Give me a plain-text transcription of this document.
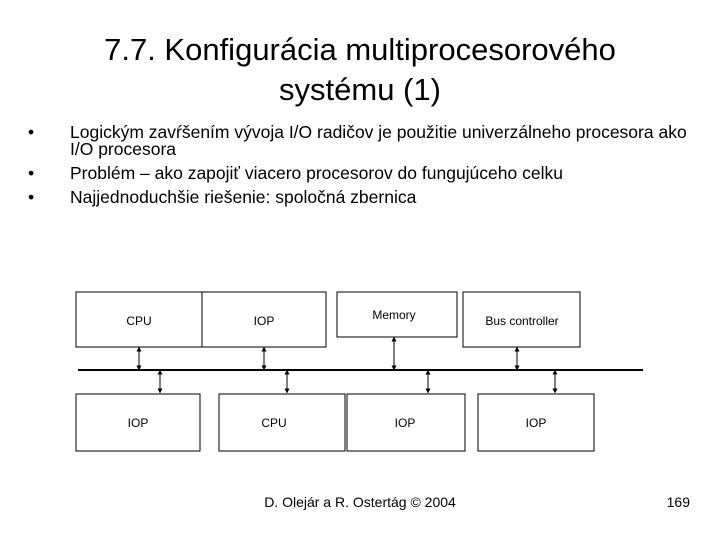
7.7. Konfigurácia multiprocesorového
systému (1)
• Logickým zavŕšením vývoja I/O radičov je použitie univerzálneho procesora ako I/O procesora
• Problém – ako zapojiť viacero procesorov do fungujúceho celku
• Najjednoduchšie riešenie: spoločná zbernica
CPU	IOP	Memory	Bus controller
IOP	CPU	IOP	IOP
D. Olejár a R. Ostertág © 2004	169
